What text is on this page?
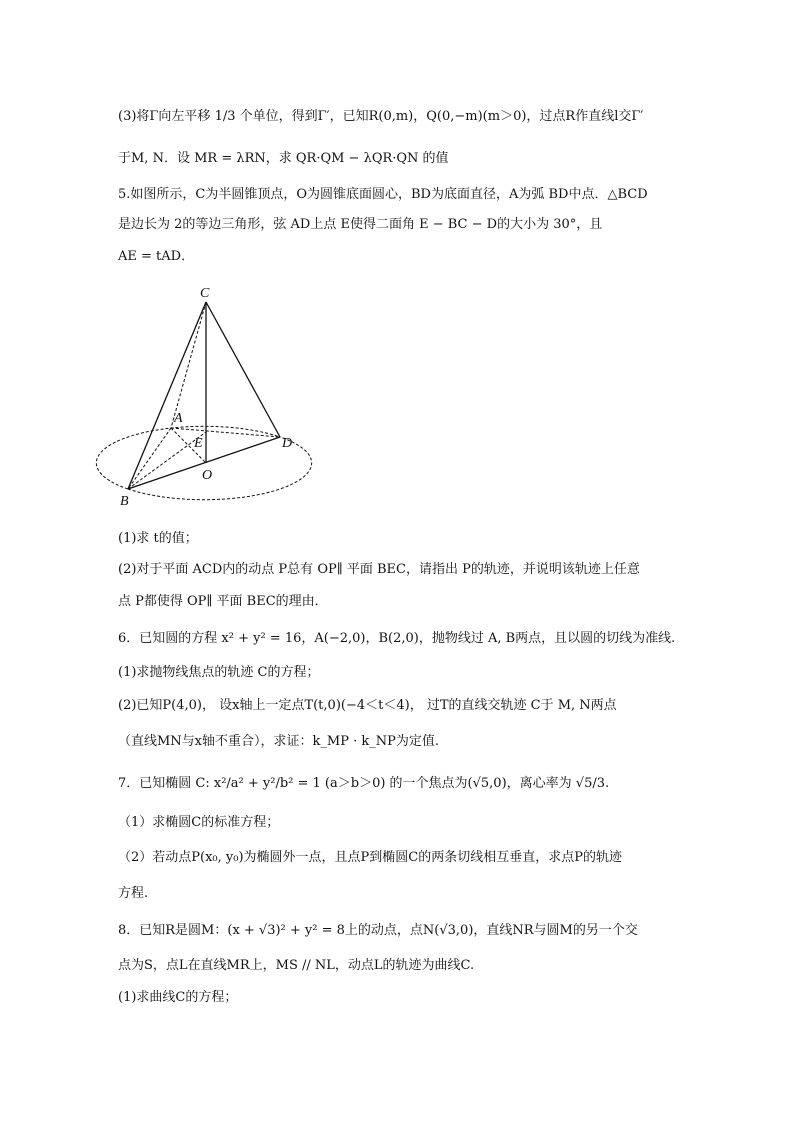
(3)将Γ向左平移 1/3 个单位，得到Γ′，已知R(0,m)，Q(0,−m)(m＞0)，过点R作直线l交Γ′
于M, N．设 MR = λRN，求 QR·QM − λQR·QN 的值
5.如图所示，C为半圆锥顶点，O为圆锥底面圆心，BD为底面直径，A为弧 BD中点．△BCD
是边长为 2的等边三角形，弦 AD上点 E使得二面角 E − BC − D的大小为 30°，且
AE = tAD．
C
A
E	D
O
B
(1)求 t的值；
(2)对于平面 ACD内的动点 P总有 OP∥ 平面 BEC，请指出 P的轨迹，并说明该轨迹上任意
点 P都使得 OP∥ 平面 BEC的理由．
6．已知圆的方程 x² + y² = 16，A(−2,0)，B(2,0)，抛物线过 A, B两点，且以圆的切线为准线.
(1)求抛物线焦点的轨迹 C的方程；
(2)已知P(4,0)， 设x轴上一定点T(t,0)(−4＜t＜4)， 过T的直线交轨迹 C于 M, N两点
（直线MN与x轴不重合），求证：k_MP · k_NP为定值.
7．已知椭圆 C: x²/a² + y²/b² = 1 (a＞b＞0) 的一个焦点为(√5,0)，离心率为 √5/3.
（1）求椭圆C的标准方程；
（2）若动点P(x₀, y₀)为椭圆外一点，且点P到椭圆C的两条切线相互垂直，求点P的轨迹
方程.
8．已知R是圆M：(x + √3)² + y² = 8上的动点，点N(√3,0)，直线NR与圆M的另一个交
点为S，点L在直线MR上，MS // NL，动点L的轨迹为曲线C.
(1)求曲线C的方程；
